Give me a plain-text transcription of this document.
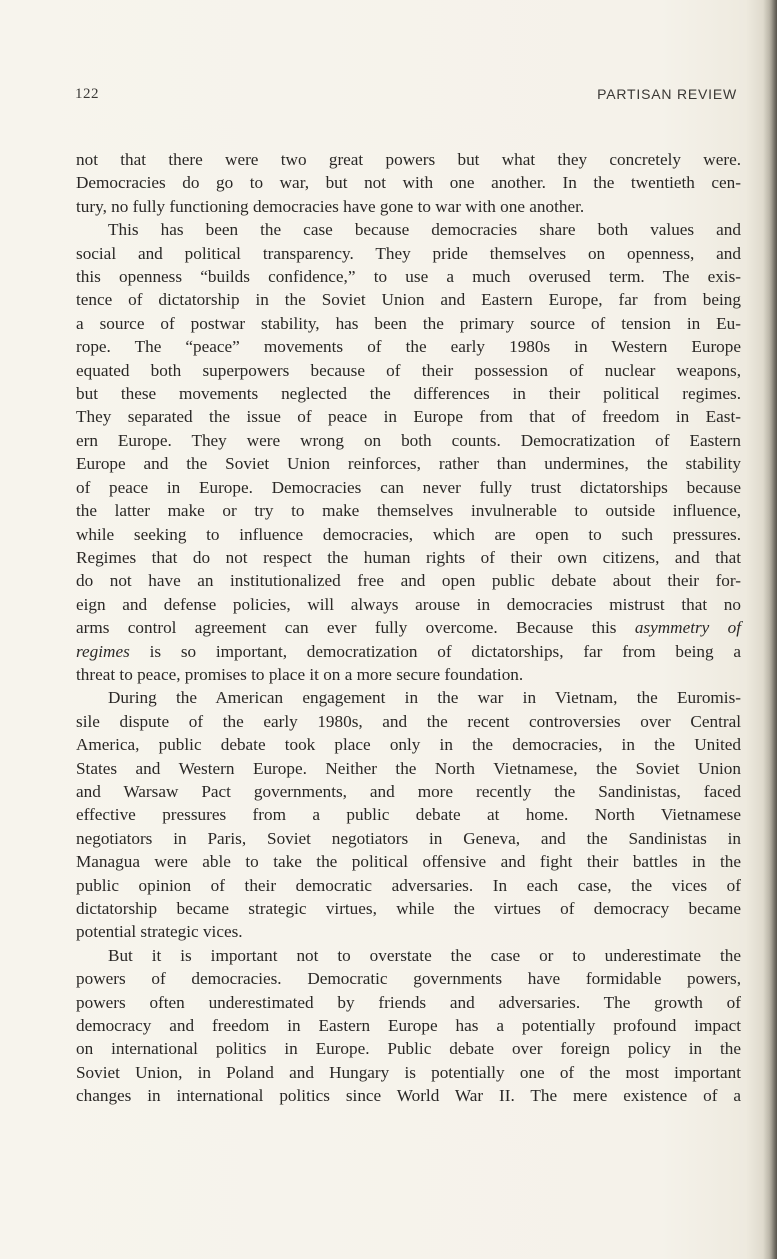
122	PARTISAN REVIEW
not that there were two great powers but what they concretely were.
Democracies do go to war, but not with one another. In the twentieth cen-
tury, no fully functioning democracies have gone to war with one another.
This has been the case because democracies share both values and
social and political transparency. They pride themselves on openness, and
this openness “builds confidence,” to use a much overused term. The exis-
tence of dictatorship in the Soviet Union and Eastern Europe, far from being
a source of postwar stability, has been the primary source of tension in Eu-
rope. The “peace” movements of the early 1980s in Western Europe
equated both superpowers because of their possession of nuclear weapons,
but these movements neglected the differences in their political regimes.
They separated the issue of peace in Europe from that of freedom in East-
ern Europe. They were wrong on both counts. Democratization of Eastern
Europe and the Soviet Union reinforces, rather than undermines, the stability
of peace in Europe. Democracies can never fully trust dictatorships because
the latter make or try to make themselves invulnerable to outside influence,
while seeking to influence democracies, which are open to such pressures.
Regimes that do not respect the human rights of their own citizens, and that
do not have an institutionalized free and open public debate about their for-
eign and defense policies, will always arouse in democracies mistrust that no
arms control agreement can ever fully overcome. Because this asymmetry of
regimes is so important, democratization of dictatorships, far from being a
threat to peace, promises to place it on a more secure foundation.
During the American engagement in the war in Vietnam, the Euromis-
sile dispute of the early 1980s, and the recent controversies over Central
America, public debate took place only in the democracies, in the United
States and Western Europe. Neither the North Vietnamese, the Soviet Union
and Warsaw Pact governments, and more recently the Sandinistas, faced
effective pressures from a public debate at home. North Vietnamese
negotiators in Paris, Soviet negotiators in Geneva, and the Sandinistas in
Managua were able to take the political offensive and fight their battles in the
public opinion of their democratic adversaries. In each case, the vices of
dictatorship became strategic virtues, while the virtues of democracy became
potential strategic vices.
But it is important not to overstate the case or to underestimate the
powers of democracies. Democratic governments have formidable powers,
powers often underestimated by friends and adversaries. The growth of
democracy and freedom in Eastern Europe has a potentially profound impact
on international politics in Europe. Public debate over foreign policy in the
Soviet Union, in Poland and Hungary is potentially one of the most important
changes in international politics since World War II. The mere existence of a
